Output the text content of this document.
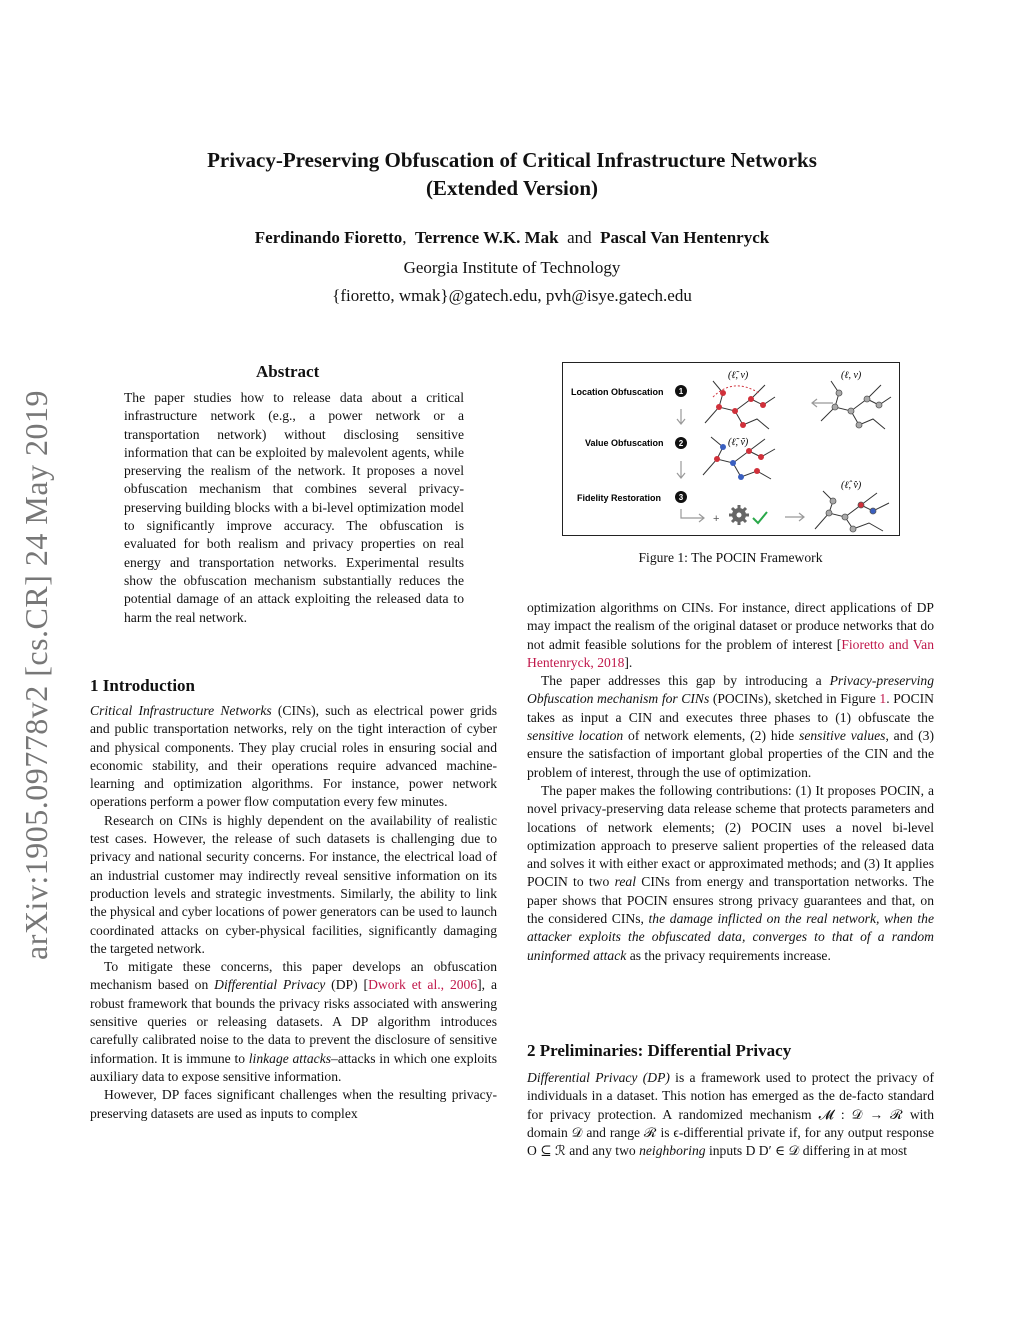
Privacy-Preserving Obfuscation of Critical Infrastructure Networks
(Extended Version)
Ferdinando Fioretto, Terrence W.K. Mak and Pascal Van Hentenryck
Georgia Institute of Technology
{fioretto, wmak}@gatech.edu, pvh@isye.gatech.edu
arXiv:1905.09778v2 [cs.CR] 24 May 2019
Abstract
The paper studies how to release data about a critical infrastructure network (e.g., a power network or a transportation network) without disclosing sensitive information that can be exploited by malevolent agents, while preserving the realism of the network. It proposes a novel obfuscation mechanism that combines several privacy-preserving building blocks with a bi-level optimization model to significantly improve accuracy. The obfuscation is evaluated for both realism and privacy properties on real energy and transportation networks. Experimental results show the obfuscation mechanism substantially reduces the potential damage of an attack exploiting the released data to harm the real network.
1 Introduction

Critical Infrastructure Networks (CINs), such as electrical power grids and public transportation networks, rely on the tight interaction of cyber and physical components. They play crucial roles in ensuring social and economic stability, and their operations require advanced machine-learning and optimization algorithms. For instance, power network operations perform a power flow computation every few minutes.

Research on CINs is highly dependent on the availability of realistic test cases. However, the release of such datasets is challenging due to privacy and national security concerns. For instance, the electrical load of an industrial customer may indirectly reveal sensitive information on its production levels and strategic investments. Similarly, the ability to link the physical and cyber locations of power generators can be used to launch coordinated attacks on cyber-physical facilities, significantly damaging the targeted network.

To mitigate these concerns, this paper develops an obfuscation mechanism based on Differential Privacy (DP) [Dwork et al., 2006], a robust framework that bounds the privacy risks associated with answering sensitive queries or releasing datasets. A DP algorithm introduces carefully calibrated noise to the data to prevent the disclosure of sensitive information. It is immune to linkage attacks–attacks in which one exploits auxiliary data to expose sensitive information.

However, DP faces significant challenges when the resulting privacy-preserving datasets are used as inputs to complex

Location Obfuscation
Value Obfuscation
Fidelity Restoration
1
2
3
+
(ℓ̃, v)	(ℓ, v)
(ℓ̃, ṽ)
(ℓ̂, v̂)
Figure 1: The POCIN Framework

optimization algorithms on CINs. For instance, direct applications of DP may impact the realism of the original dataset or produce networks that do not admit feasible solutions for the problem of interest [Fioretto and Van Hentenryck, 2018].

The paper addresses this gap by introducing a Privacy-preserving Obfuscation mechanism for CINs (POCINs), sketched in Figure 1. POCIN takes as input a CIN and executes three phases to (1) obfuscate the sensitive location of network elements, (2) hide sensitive values, and (3) ensure the satisfaction of important global properties of the CIN and the problem of interest, through the use of optimization.

The paper makes the following contributions: (1) It proposes POCIN, a novel privacy-preserving data release scheme that protects parameters and locations of network elements; (2) POCIN uses a novel bi-level optimization approach to preserve salient properties of the released data and solves it with either exact or approximated methods; and (3) It applies POCIN to two real CINs from energy and transportation networks. The paper shows that POCIN ensures strong privacy guarantees and that, on the considered CINs, the damage inflicted on the real network, when the attacker exploits the obfuscated data, converges to that of a random uninformed attack as the privacy requirements increase.

2 Preliminaries: Differential Privacy

Differential Privacy (DP) is a framework used to protect the privacy of individuals in a dataset. This notion has emerged as the de-facto standard for privacy protection. A randomized mechanism 𝓜 : 𝒟 → ℛ with domain 𝒟 and range ℛ is ϵ-differential private if, for any output response O ⊆ ℛ and any two neighboring inputs D D′ ∈ 𝒟 differing in at most
